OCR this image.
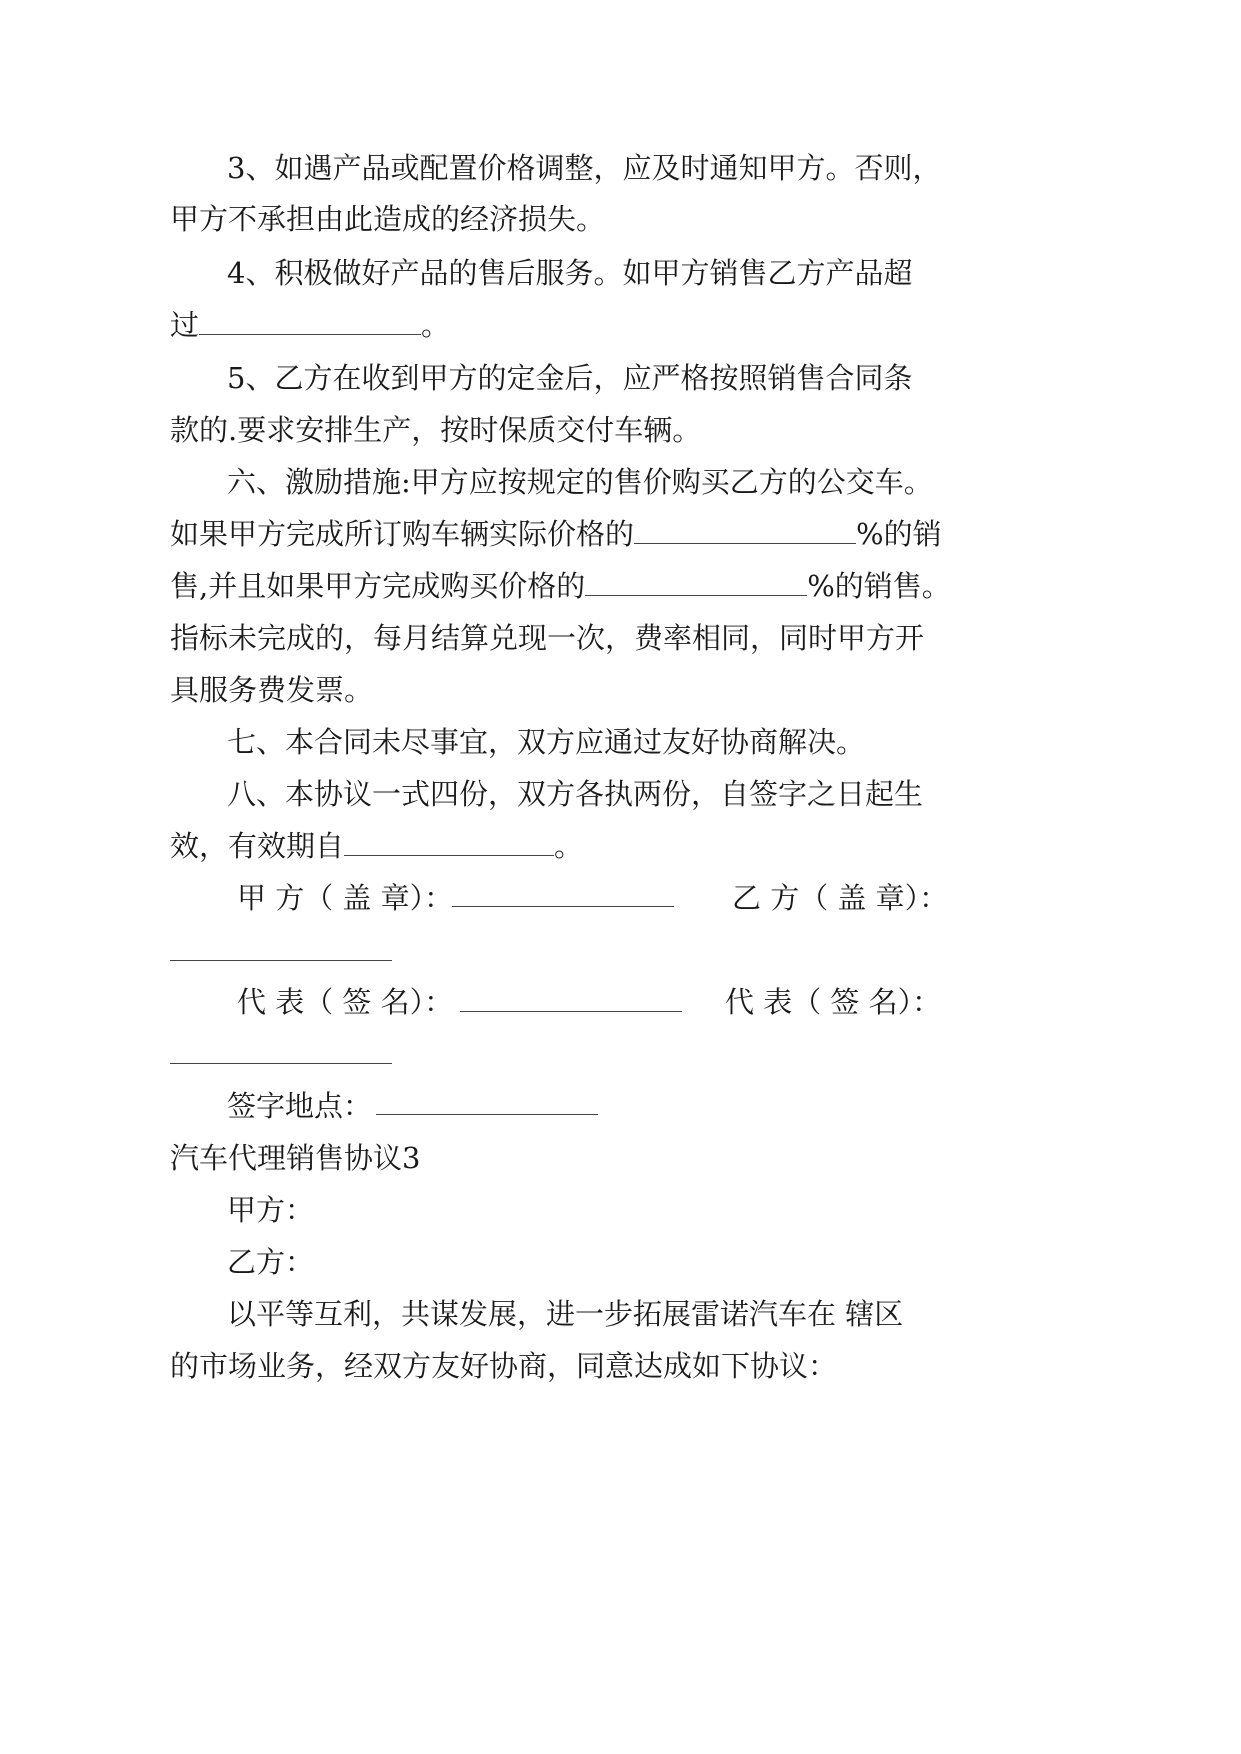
3、如遇产品或配置价格调整，应及时通知甲方。否则，

甲方不承担由此造成的经济损失。

4、积极做好产品的售后服务。如甲方销售乙方产品超

过	。

5、乙方在收到甲方的定金后，应严格按照销售合同条

款的.要求安排生产，按时保质交付车辆。

六、激励措施:甲方应按规定的售价购买乙方的公交车。

如果甲方完成所订购车辆实际价格的	%的销

售,并且如果甲方完成购买价格的	%的销售。

指标未完成的，每月结算兑现一次，费率相同，同时甲方开

具服务费发票。

七、本合同未尽事宜，双方应通过友好协商解决。

八、本协议一式四份，双方各执两份，自签字之日起生

效，有效期自	。

甲 方（ 盖 章）：	乙 方（ 盖 章）：

代 表（ 签 名）：	代 表（ 签 名）：

签字地点：

汽车代理销售协议3

甲方：

乙方：

以平等互利，共谋发展，进一步拓展雷诺汽车在 辖区

的市场业务，经双方友好协商，同意达成如下协议：
